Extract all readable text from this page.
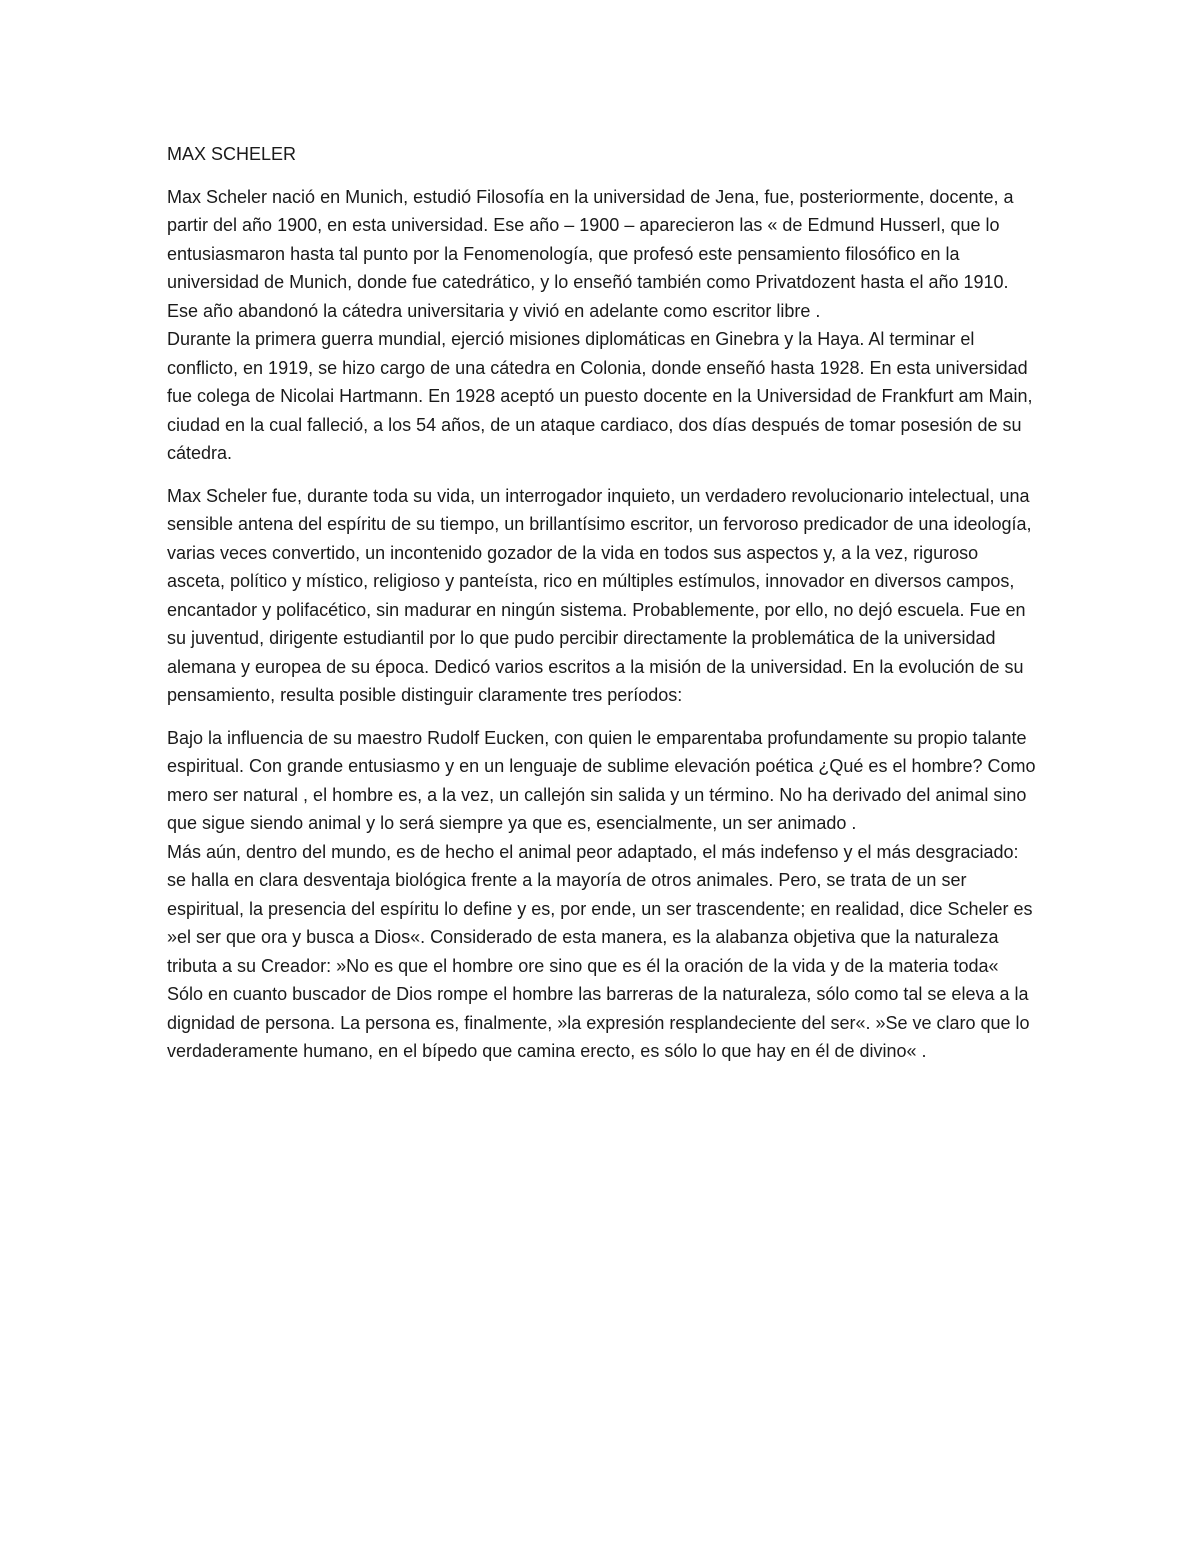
MAX SCHELER

Max Scheler nació en Munich, estudió Filosofía en la universidad de Jena, fue, posteriormente, docente, a partir del año 1900, en esta universidad. Ese año – 1900 – aparecieron las « de Edmund Husserl, que lo entusiasmaron hasta tal punto por la Fenomenología, que profesó este pensamiento filosófico en la universidad de Munich, donde fue catedrático, y lo enseñó también como Privatdozent hasta el año 1910. Ese año abandonó la cátedra universitaria y vivió en adelante como escritor libre .

Durante la primera guerra mundial, ejerció misiones diplomáticas en Ginebra y la Haya. Al terminar el conflicto, en 1919, se hizo cargo de una cátedra en Colonia, donde enseñó hasta 1928. En esta universidad fue colega de Nicolai Hartmann. En 1928 aceptó un puesto docente en la Universidad de Frankfurt am Main, ciudad en la cual falleció, a los 54 años, de un ataque cardiaco, dos días después de tomar posesión de su cátedra.

Max Scheler fue, durante toda su vida, un interrogador inquieto, un verdadero revolucionario intelectual, una sensible antena del espíritu de su tiempo, un brillantísimo escritor, un fervoroso predicador de una ideología, varias veces convertido, un incontenido gozador de la vida en todos sus aspectos y, a la vez, riguroso asceta, político y místico, religioso y panteísta, rico en múltiples estímulos, innovador en diversos campos, encantador y polifacético, sin madurar en ningún sistema. Probablemente, por ello, no dejó escuela. Fue en su juventud, dirigente estudiantil por lo que pudo percibir directamente la problemática de la universidad alemana y europea de su época. Dedicó varios escritos a la misión de la universidad. En la evolución de su pensamiento, resulta posible distinguir claramente tres períodos:

Bajo la influencia de su maestro Rudolf Eucken, con quien le emparentaba profundamente su propio talante espiritual. Con grande entusiasmo y en un lenguaje de sublime elevación poética ¿Qué es el hombre? Como mero ser natural , el hombre es, a la vez, un callejón sin salida y un término. No ha derivado del animal sino que sigue siendo animal y lo será siempre ya que es, esencialmente, un ser animado .

Más aún, dentro del mundo, es de hecho el animal peor adaptado, el más indefenso y el más desgraciado: se halla en clara desventaja biológica frente a la mayoría de otros animales. Pero, se trata de un ser espiritual, la presencia del espíritu lo define y es, por ende, un ser trascendente; en realidad, dice Scheler es »el ser que ora y busca a Dios«. Considerado de esta manera, es la alabanza objetiva que la naturaleza tributa a su Creador: »No es que el hombre ore sino que es él la oración de la vida y de la materia toda« Sólo en cuanto buscador de Dios rompe el hombre las barreras de la naturaleza, sólo como tal se eleva a la dignidad de persona. La persona es, finalmente, »la expresión resplandeciente del ser«. »Se ve claro que lo verdaderamente humano, en el bípedo que camina erecto, es sólo lo que hay en él de divino« .
